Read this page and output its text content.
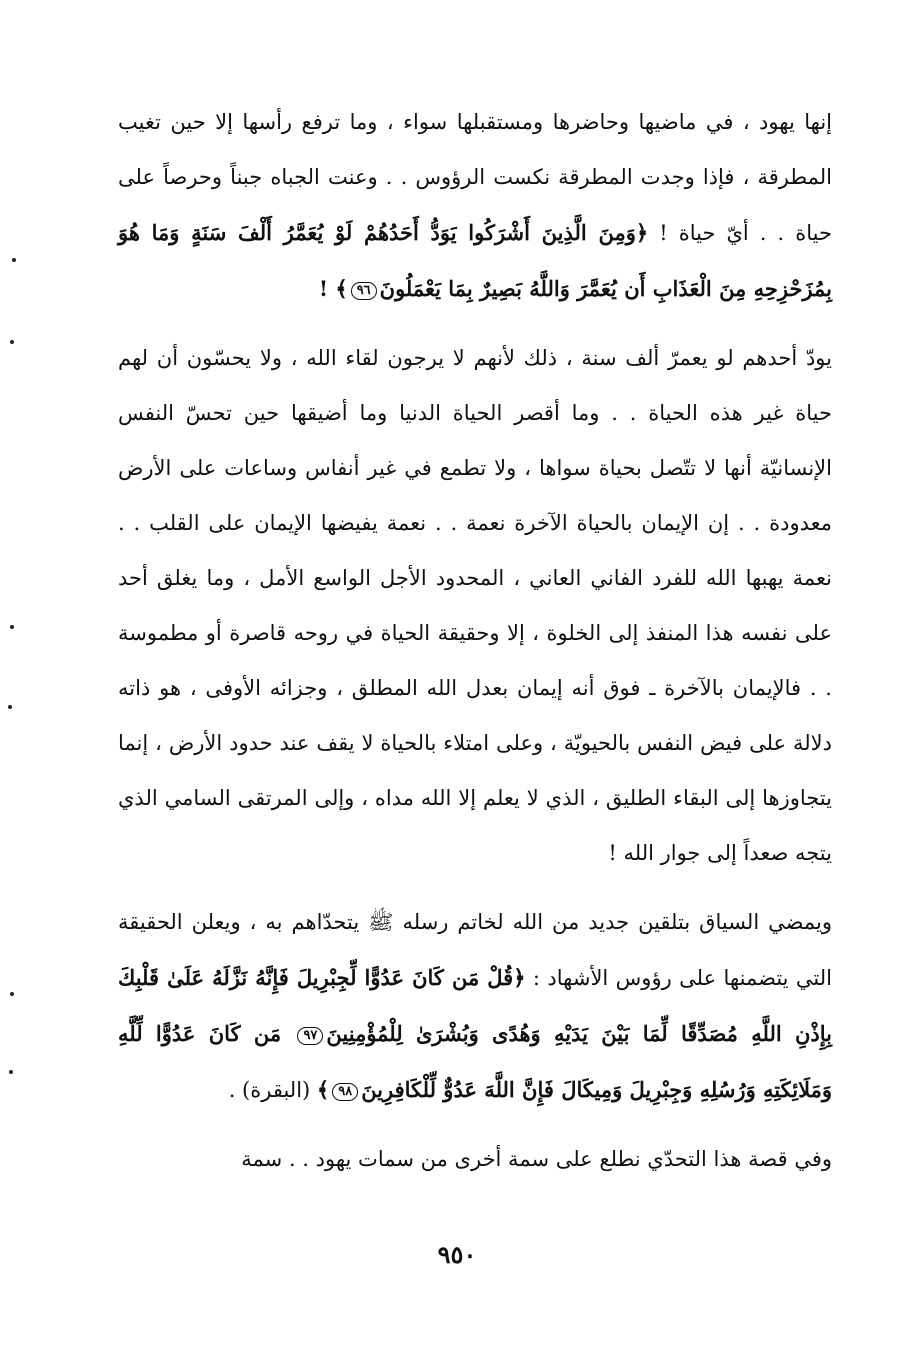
إنها يهود ، في ماضيها وحاضرها ومستقبلها سواء ، وما ترفع رأسها إلا حين تغيب المطرقة ، فإذا وجدت المطرقة نكست الرؤوس . . وعنت الجباه جبناً وحرصاً على حياة . . أيّ حياة ! ﴿وَمِنَ الَّذِينَ أَشْرَكُوا يَوَدُّ أَحَدُهُمْ لَوْ يُعَمَّرُ أَلْفَ سَنَةٍ وَمَا هُوَ بِمُزَحْزِحِهِ مِنَ الْعَذَابِ أَن يُعَمَّرَ وَاللَّهُ بَصِيرٌ بِمَا يَعْمَلُونَ٩٦﴾ !

يودّ أحدهم لو يعمرّ ألف سنة ، ذلك لأنهم لا يرجون لقاء الله ، ولا يحسّون أن لهم حياة غير هذه الحياة . . وما أقصر الحياة الدنيا وما أضيقها حين تحسّ النفس الإنسانيّة أنها لا تتّصل بحياة سواها ، ولا تطمع في غير أنفاس وساعات على الأرض معدودة . . إن الإيمان بالحياة الآخرة نعمة . . نعمة يفيضها الإيمان على القلب . . نعمة يهبها الله للفرد الفاني العاني ، المحدود الأجل الواسع الأمل ، وما يغلق أحد على نفسه هذا المنفذ إلى الخلوة ، إلا وحقيقة الحياة في روحه قاصرة أو مطموسة . . فالإيمان بالآخرة ـ فوق أنه إيمان بعدل الله المطلق ، وجزائه الأوفى ، هو ذاته دلالة على فيض النفس بالحيويّة ، وعلى امتلاء بالحياة لا يقف عند حدود الأرض ، إنما يتجاوزها إلى البقاء الطليق ، الذي لا يعلم إلا الله مداه ، وإلى المرتقى السامي الذي يتجه صعداً إلى جوار الله !

ويمضي السياق بتلقين جديد من الله لخاتم رسله ﷺ يتحدّاهم به ، ويعلن الحقيقة التي يتضمنها على رؤوس الأشهاد : ﴿قُلْ مَن كَانَ عَدُوًّا لِّجِبْرِيلَ فَإِنَّهُ نَزَّلَهُ عَلَىٰ قَلْبِكَ بِإِذْنِ اللَّهِ مُصَدِّقًا لِّمَا بَيْنَ يَدَيْهِ وَهُدًى وَبُشْرَىٰ لِلْمُؤْمِنِينَ٩٧ مَن كَانَ عَدُوًّا لِّلَّهِ وَمَلَائِكَتِهِ وَرُسُلِهِ وَجِبْرِيلَ وَمِيكَالَ فَإِنَّ اللَّهَ عَدُوٌّ لِّلْكَافِرِينَ٩٨﴾ (البقرة) .

وفي قصة هذا التحدّي نطلع على سمة أخرى من سمات يهود . . سمة

٩٥٠
